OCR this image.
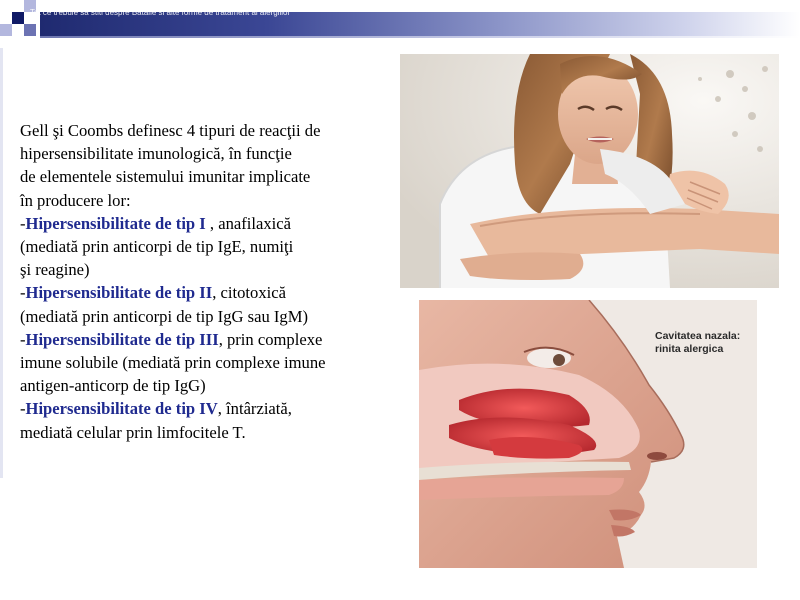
Tot ce trebuie sa stiti despre Batalie si alte forme de tratament al alergiilor
Gell şi Coombs definesc 4 tipuri de reacţii de
hipersensibilitate imunologică, în funcţie
de elementele sistemului imunitar implicate
în producere lor:
-Hipersensibilitate de tip I , anafilaxică
(mediată prin anticorpi de tip IgE, numiţi
şi reagine)
-Hipersensibilitate de tip II, citotoxică
(mediată prin anticorpi de tip IgG sau IgM)
-Hipersensibilitate de tip III, prin complexe
imune solubile (mediată prin complexe imune
antigen-anticorp de tip IgG)
-Hipersensibilitate de tip IV, întârziată,
mediată celular prin limfocitele T.
Cavitatea nazala:
rinita alergica
